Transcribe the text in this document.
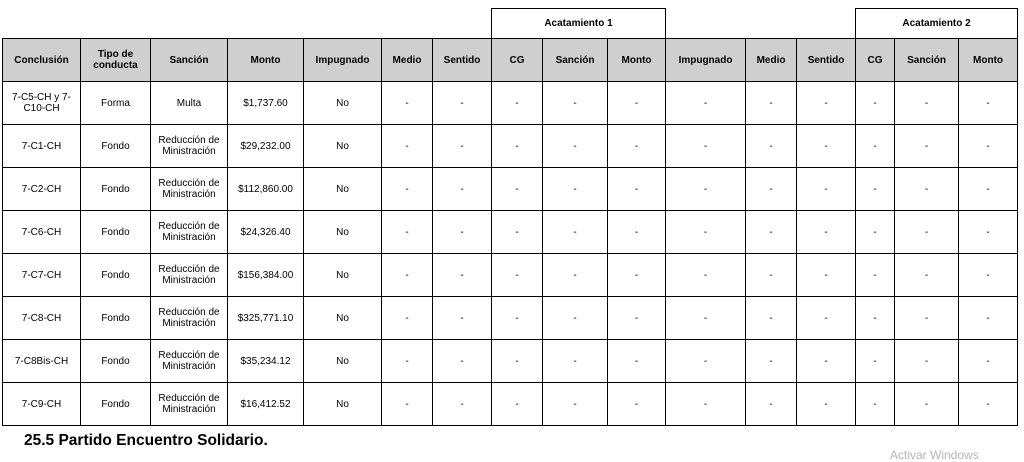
							Acatamiento 1						Acatamiento 2		
Conclusión	Tipo de conducta	Sanción	Monto	Impugnado	Medio	Sentido	CG	Sanción	Monto	Impugnado	Medio	Sentido	CG	Sanción	Monto
7-C5-CH y 7-C10-CH	Forma	Multa	$1,737.60	No	-	-	-	-	-	-	-	-	-	-	-
7-C1-CH	Fondo	Reducción de Ministración	$29,232.00	No	-	-	-	-	-	-	-	-	-	-	-
7-C2-CH	Fondo	Reducción de Ministración	$112,860.00	No	-	-	-	-	-	-	-	-	-	-	-
7-C6-CH	Fondo	Reducción de Ministración	$24,326.40	No	-	-	-	-	-	-	-	-	-	-	-
7-C7-CH	Fondo	Reducción de Ministración	$156,384.00	No	-	-	-	-	-	-	-	-	-	-	-
7-C8-CH	Fondo	Reducción de Ministración	$325,771.10	No	-	-	-	-	-	-	-	-	-	-	-
7-C8Bis-CH	Fondo	Reducción de Ministración	$35,234.12	No	-	-	-	-	-	-	-	-	-	-	-
7-C9-CH	Fondo	Reducción de Ministración	$16,412.52	No	-	-	-	-	-	-	-	-	-	-	-
25.5 Partido Encuentro Solidario.
Activar Windows
